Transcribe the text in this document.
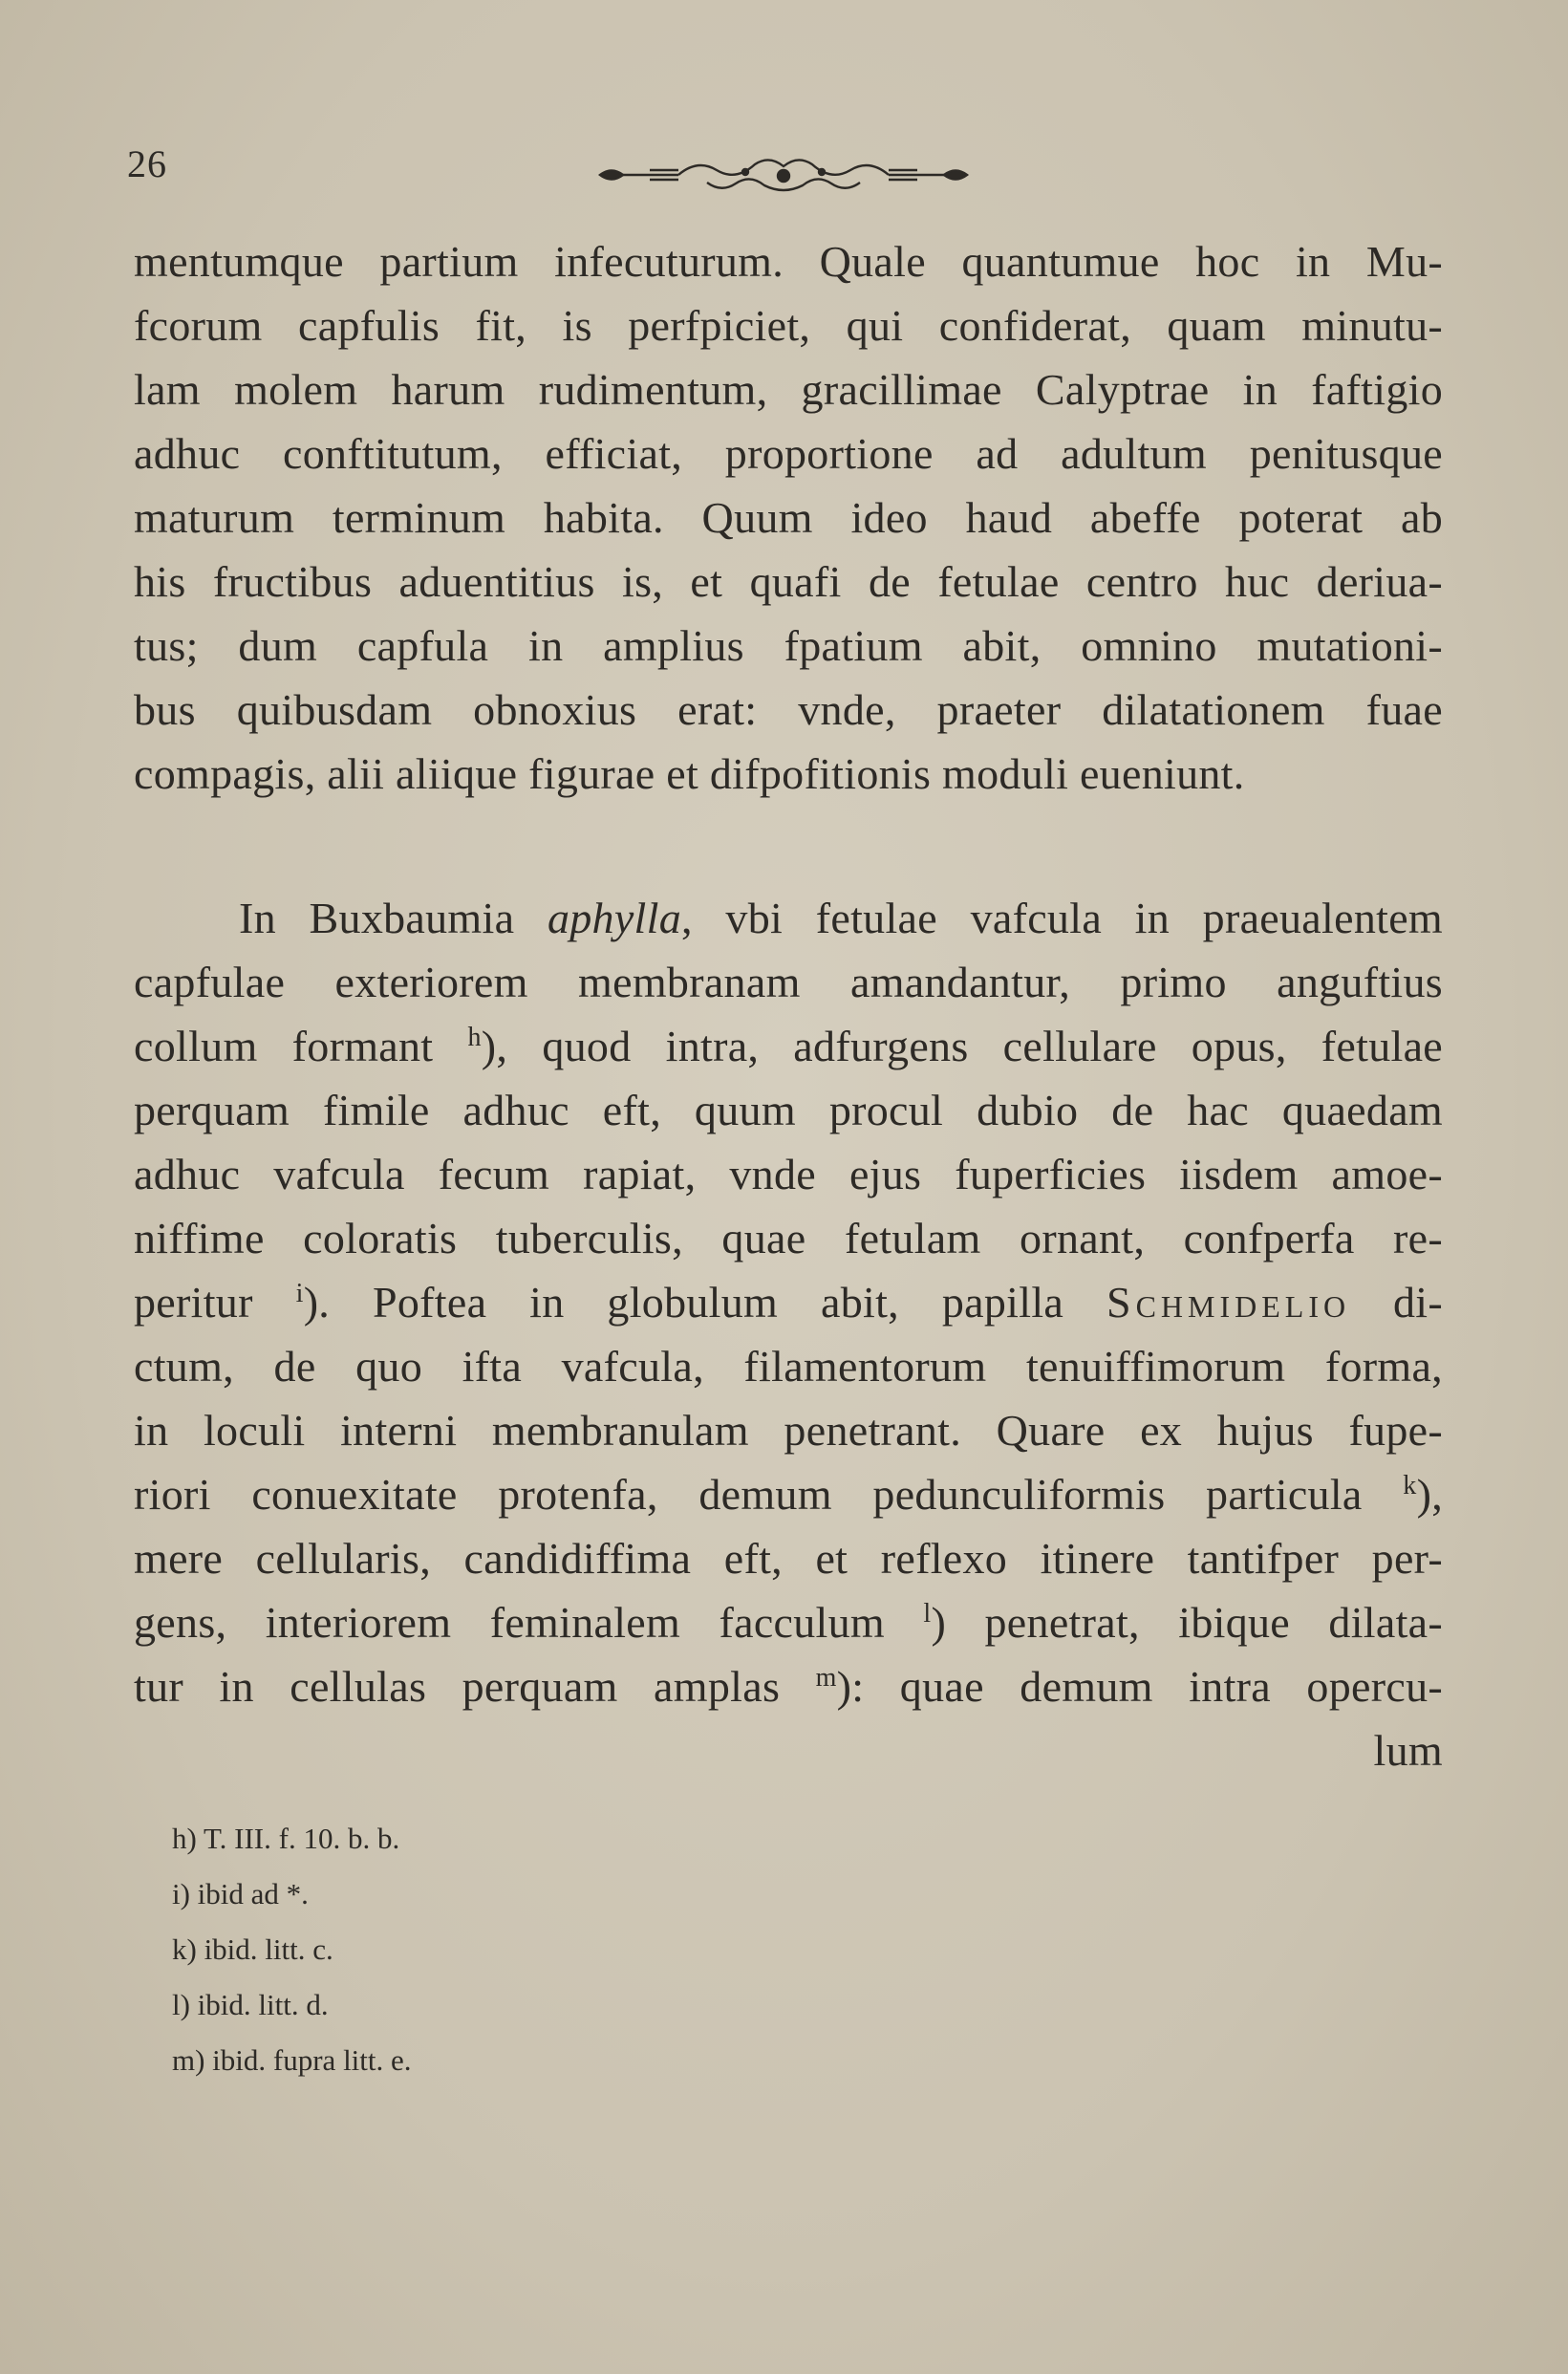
26
mentumque partium infecuturum. Quale quantumue hoc in Mu-
fcorum capfulis fit, is perfpiciet, qui confiderat, quam minutu-
lam molem harum rudimentum, gracillimae Calyptrae in faftigio
adhuc conftitutum, efficiat, proportione ad adultum penitusque
maturum terminum habita. Quum ideo haud abeffe poterat ab
his fructibus aduentitius is, et quafi de fetulae centro huc deriua-
tus; dum capfula in amplius fpatium abit, omnino mutationi-
bus quibusdam obnoxius erat: vnde, praeter dilatationem fuae
compagis, alii aliique figurae et difpofitionis moduli eueniunt.
In Buxbaumia aphylla, vbi fetulae vafcula in praeualentem
capfulae exteriorem membranam amandantur, primo anguftius
collum formant $^h$), quod intra, adfurgens cellulare opus, fetulae
perquam fimile adhuc eft, quum procul dubio de hac quaedam
adhuc vafcula fecum rapiat, vnde ejus fuperficies iisdem amoe-
niffime coloratis tuberculis, quae fetulam ornant, confperfa re-
peritur $^i$). Poftea in globulum abit, papilla Schmidelio di-
ctum, de quo ifta vafcula, filamentorum tenuiffimorum forma,
in loculi interni membranulam penetrant. Quare ex hujus fupe-
riori conuexitate protenfa, demum pedunculiformis particula $^k$),
mere cellularis, candidiffima eft, et reflexo itinere tantifper per-
gens, interiorem feminalem facculum $^l$) penetrat, ibique dilata-
tur in cellulas perquam amplas $^m$): quae demum intra opercu-
lum
h) T. III. f. 10. b. b.
i) ibid ad *.
k) ibid. litt. c.
l) ibid. litt. d.
m) ibid. fupra litt. e.
